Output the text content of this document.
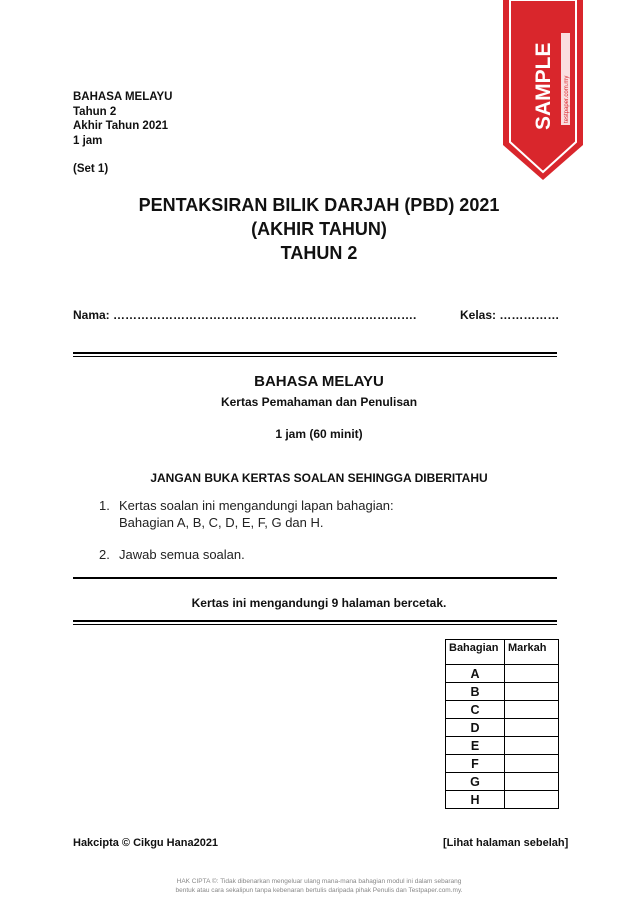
BAHASA MELAYU
Tahun 2
Akhir Tahun 2021
1 jam
(Set 1)
SAMPLE testpaper.com.my
PENTAKSIRAN BILIK DARJAH (PBD) 2021
(AKHIR TAHUN)
TAHUN 2
Nama: ………………………………………………………………….	Kelas: ……………
BAHASA MELAYU
Kertas Pemahaman dan Penulisan
1 jam (60 minit)
JANGAN BUKA KERTAS SOALAN SEHINGGA DIBERITAHU
1. Kertas soalan ini mengandungi lapan bahagian:
Bahagian A, B, C, D, E, F, G dan H.
2. Jawab semua soalan.
Kertas ini mengandungi 9 halaman bercetak.
Bahagian	Markah
A	
B	
C	
D	
E	
F	
G	
H	
Hakcipta © Cikgu Hana2021	[Lihat halaman sebelah]
HAK CIPTA ©: Tidak dibenarkan mengeluar ulang mana-mana bahagian modul ini dalam sebarang
bentuk atau cara sekalipun tanpa kebenaran bertulis daripada pihak Penulis dan Testpaper.com.my.
